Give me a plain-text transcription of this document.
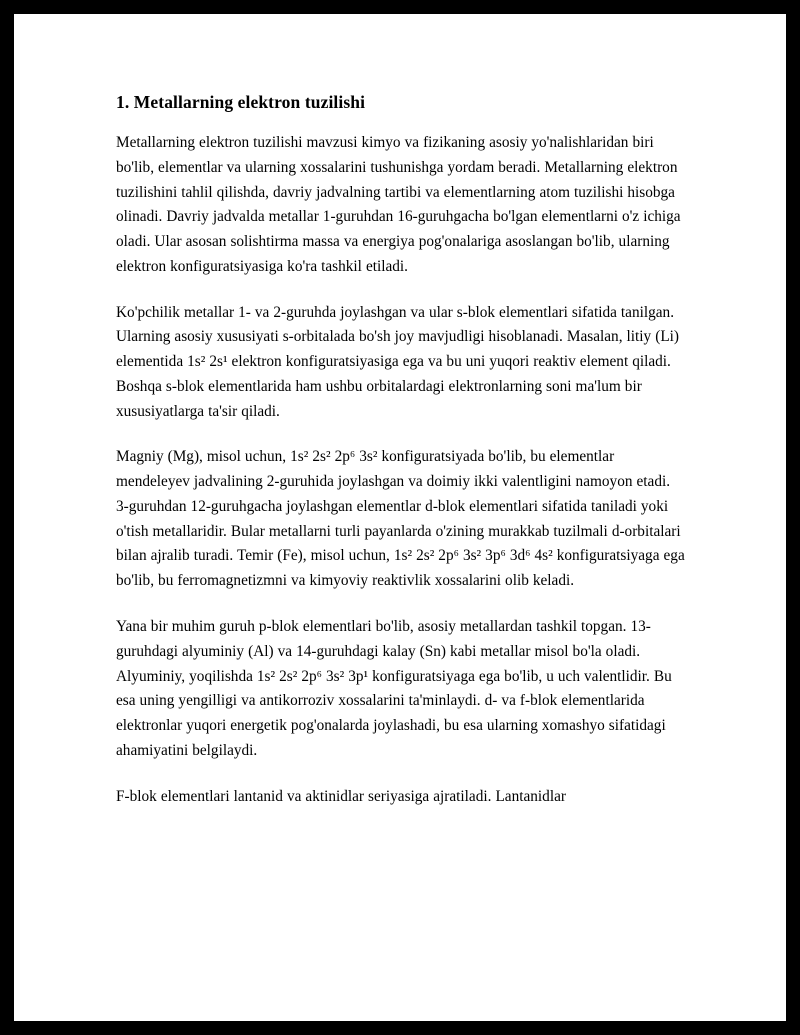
1. Metallarning elektron tuzilishi

Metallarning elektron tuzilishi mavzusi kimyo va fizikaning asosiy yo'nalishlaridan biri bo'lib, elementlar va ularning xossalarini tushunishga yordam beradi. Metallarning elektron tuzilishini tahlil qilishda, davriy jadvalning tartibi va elementlarning atom tuzilishi hisobga olinadi. Davriy jadvalda metallar 1-guruhdan 16-guruhgacha bo'lgan elementlarni o'z ichiga oladi. Ular asosan solishtirma massa va energiya pog'onalariga asoslangan bo'lib, ularning elektron konfiguratsiyasiga ko'ra tashkil etiladi.

Ko'pchilik metallar 1- va 2-guruhda joylashgan va ular s-blok elementlari sifatida tanilgan. Ularning asosiy xususiyati s-orbitalada bo'sh joy mavjudligi hisoblanadi. Masalan, litiy (Li) elementida 1s² 2s¹ elektron konfiguratsiyasiga ega va bu uni yuqori reaktiv element qiladi. Boshqa s-blok elementlarida ham ushbu orbitalardagi elektronlarning soni ma'lum bir xususiyatlarga ta'sir qiladi.

Magniy (Mg), misol uchun, 1s² 2s² 2p⁶ 3s² konfiguratsiyada bo'lib, bu elementlar mendeleyev jadvalining 2-guruhida joylashgan va doimiy ikki valentligini namoyon etadi. 3-guruhdan 12-guruhgacha joylashgan elementlar d-blok elementlari sifatida taniladi yoki o'tish metallaridir. Bular metallarni turli payanlarda o'zining murakkab tuzilmali d-orbitalari bilan ajralib turadi. Temir (Fe), misol uchun, 1s² 2s² 2p⁶ 3s² 3p⁶ 3d⁶ 4s² konfiguratsiyaga ega bo'lib, bu ferromagnetizmni va kimyoviy reaktivlik xossalarini olib keladi.

Yana bir muhim guruh p-blok elementlari bo'lib, asosiy metallardan tashkil topgan. 13-guruhdagi alyuminiy (Al) va 14-guruhdagi kalay (Sn) kabi metallar misol bo'la oladi. Alyuminiy, yoqilishda 1s² 2s² 2p⁶ 3s² 3p¹ konfiguratsiyaga ega bo'lib, u uch valentlidir. Bu esa uning yengilligi va antikorroziv xossalarini ta'minlaydi. d- va f-blok elementlarida elektronlar yuqori energetik pog'onalarda joylashadi, bu esa ularning xomashyo sifatidagi ahamiyatini belgilaydi.

F-blok elementlari lantanid va aktinidlar seriyasiga ajratiladi. Lantanidlar
